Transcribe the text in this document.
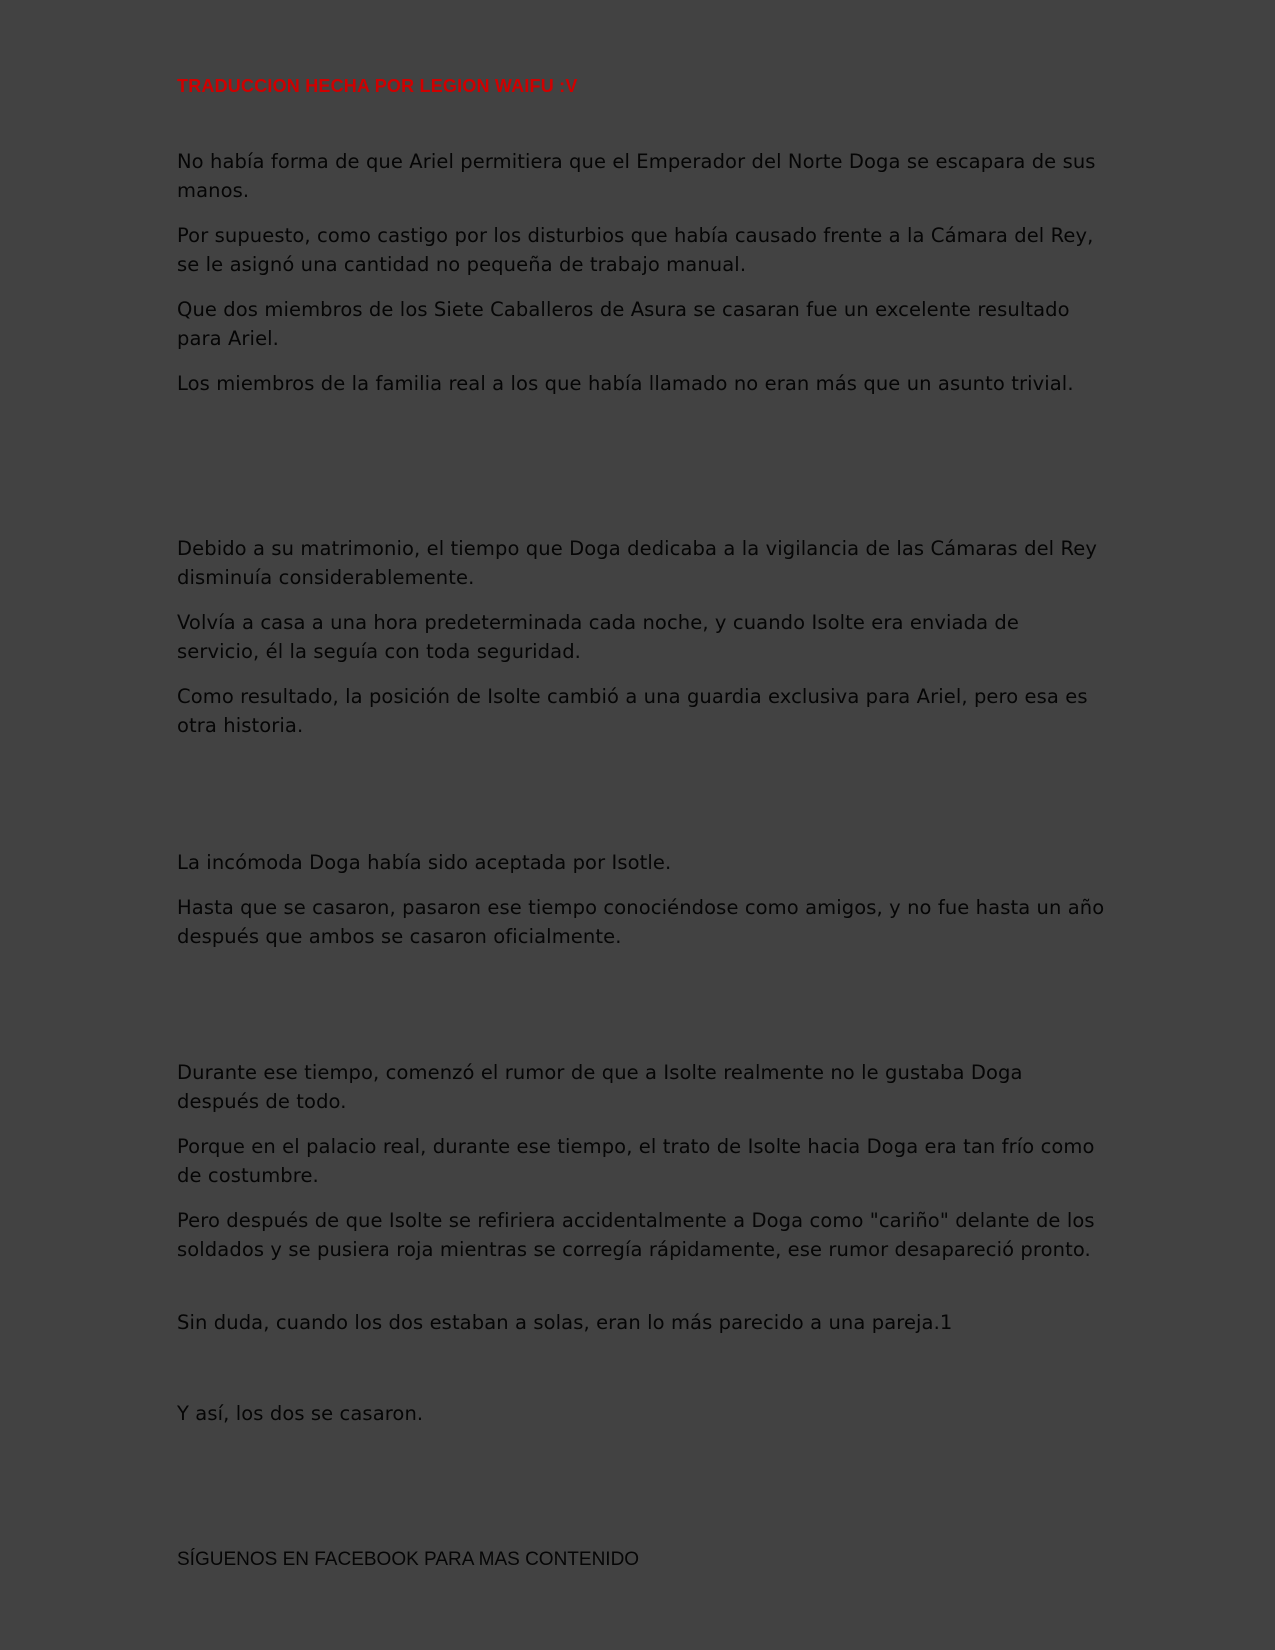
TRADUCCION HECHA POR LEGION WAIFU :V

No había forma de que Ariel permitiera que el Emperador del Norte Doga se escapara de sus manos.

Por supuesto, como castigo por los disturbios que había causado frente a la Cámara del Rey, se le asignó una cantidad no pequeña de trabajo manual.

Que dos miembros de los Siete Caballeros de Asura se casaran fue un excelente resultado para Ariel.

Los miembros de la familia real a los que había llamado no eran más que un asunto trivial.

Debido a su matrimonio, el tiempo que Doga dedicaba a la vigilancia de las Cámaras del Rey disminuía considerablemente.

Volvía a casa a una hora predeterminada cada noche, y cuando Isolte era enviada de servicio, él la seguía con toda seguridad.

Como resultado, la posición de Isolte cambió a una guardia exclusiva para Ariel, pero esa es otra historia.

La incómoda Doga había sido aceptada por Isotle.

Hasta que se casaron, pasaron ese tiempo conociéndose como amigos, y no fue hasta un año después que ambos se casaron oficialmente.

Durante ese tiempo, comenzó el rumor de que a Isolte realmente no le gustaba Doga después de todo.

Porque en el palacio real, durante ese tiempo, el trato de Isolte hacia Doga era tan frío como de costumbre.

Pero después de que Isolte se refiriera accidentalmente a Doga como "cariño" delante de los soldados y se pusiera roja mientras se corregía rápidamente, ese rumor desapareció pronto.

Sin duda, cuando los dos estaban a solas, eran lo más parecido a una pareja.1

Y así, los dos se casaron.

SÍGUENOS EN FACEBOOK PARA MAS CONTENIDO
